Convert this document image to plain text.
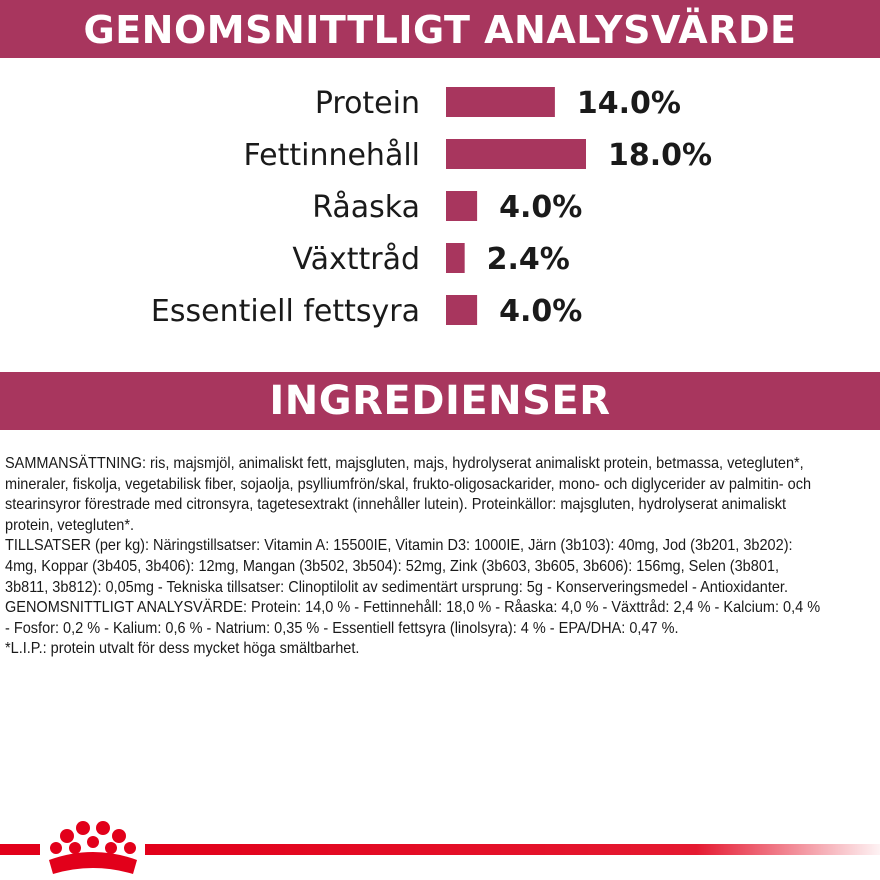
GENOMSNITTLIGT ANALYSVÄRDE
Protein	14.0%
Fettinnehåll	18.0%
Råaska	4.0%
Växttråd 2.4%
Essentiell fettsyra	4.0%
INGREDIENSER

SAMMANSÄTTNING: ris, majsmjöl, animaliskt fett, majsgluten, majs, hydrolyserat animaliskt protein, betmassa, vetegluten*, mineraler, fiskolja, vegetabilisk fiber, sojaolja, psylliumfrön/skal, frukto-oligosackarider, mono- och diglycerider av palmitin- och stearinsyror förestrade med citronsyra, tagetesextrakt (innehåller lutein). Proteinkällor: majsgluten, hydrolyserat animaliskt protein, vetegluten*.

TILLSATSER (per kg): Näringstillsatser: Vitamin A: 15500IE, Vitamin D3: 1000IE, Järn (3b103): 40mg, Jod (3b201, 3b202): 4mg, Koppar (3b405, 3b406): 12mg, Mangan (3b502, 3b504): 52mg, Zink (3b603, 3b605, 3b606): 156mg, Selen (3b801, 3b811, 3b812): 0,05mg - Tekniska tillsatser: Clinoptilolit av sedimentärt ursprung: 5g - Konserveringsmedel - Antioxidanter.

GENOMSNITTLIGT ANALYSVÄRDE: Protein: 14,0 % - Fettinnehåll: 18,0 % - Råaska: 4,0 % - Växttråd: 2,4 % - Kalcium: 0,4 % - Fosfor: 0,2 % - Kalium: 0,6 % - Natrium: 0,35 % - Essentiell fettsyra (linolsyra): 4 % - EPA/DHA: 0,47 %.

*L.I.P.: protein utvalt för dess mycket höga smältbarhet.
